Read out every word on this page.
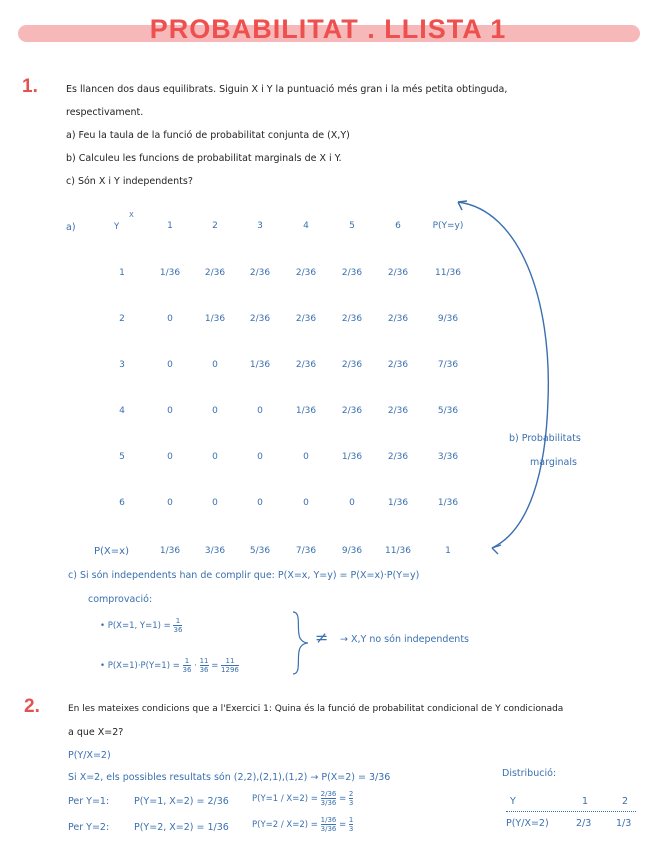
PROBABILITAT . LLISTA 1
1.	Es llancen dos daus equilibrats. Siguin X i Y la puntuació més gran i la més petita obtinguda,
respectivament.
a) Feu la taula de la funció de probabilitat conjunta de (X,Y)
b) Calculeu les funcions de probabilitat marginals de X i Y.
c) Són X i Y independents?
a)	Y
X
1	2	3	4	5	6	P(Y=y)
1	1/36	2/36	2/36	2/36	2/36	2/36	11/36
2	0	1/36	2/36	2/36	2/36	2/36	9/36
3	0	0	1/36	2/36	2/36	2/36	7/36
4	0	0	0	1/36	2/36	2/36	5/36
5	0	0	0	0	1/36	2/36	3/36
6	0	0	0	0	0	1/36	1/36
P(X=x)	1/36	3/36	5/36	7/36	9/36	11/36	1
b) Probabilitats
marginals
c) Si són independents han de complir que: P(X=x, Y=y) = P(X=x)·P(Y=y)
comprovació:
• P(X=1, $Y=1) = \frac{1}{36}$
• $P(X=1)\cdot P(Y=1) = \frac{1}{36} \cdot \frac{11}{36} = \frac{11}{1296}$
≠ → X,Y no són independents
2.	En les mateixes condicions que a l'Exercici 1: Quina és la funció de probabilitat condicional de Y condicionada
a que X=2?
P(Y/X=2)
Si X=2, els possibles resultats són (2,2),(2,1),(1,2) → P(X=2) = 3/36
Per Y=1:	P(Y=1, X=2) = 2/36	$P(Y=1 / X=2) = \frac{2/36}{3/36} = \frac{2}{3}$
Per Y=2:	P(Y=2, X=2) = 1/36	$P(Y=2 / X=2) = \frac{1/36}{3/36} = \frac{1}{3}$
Distribució:
Y	1	2
P(Y/X=2)	2/3	1/3
